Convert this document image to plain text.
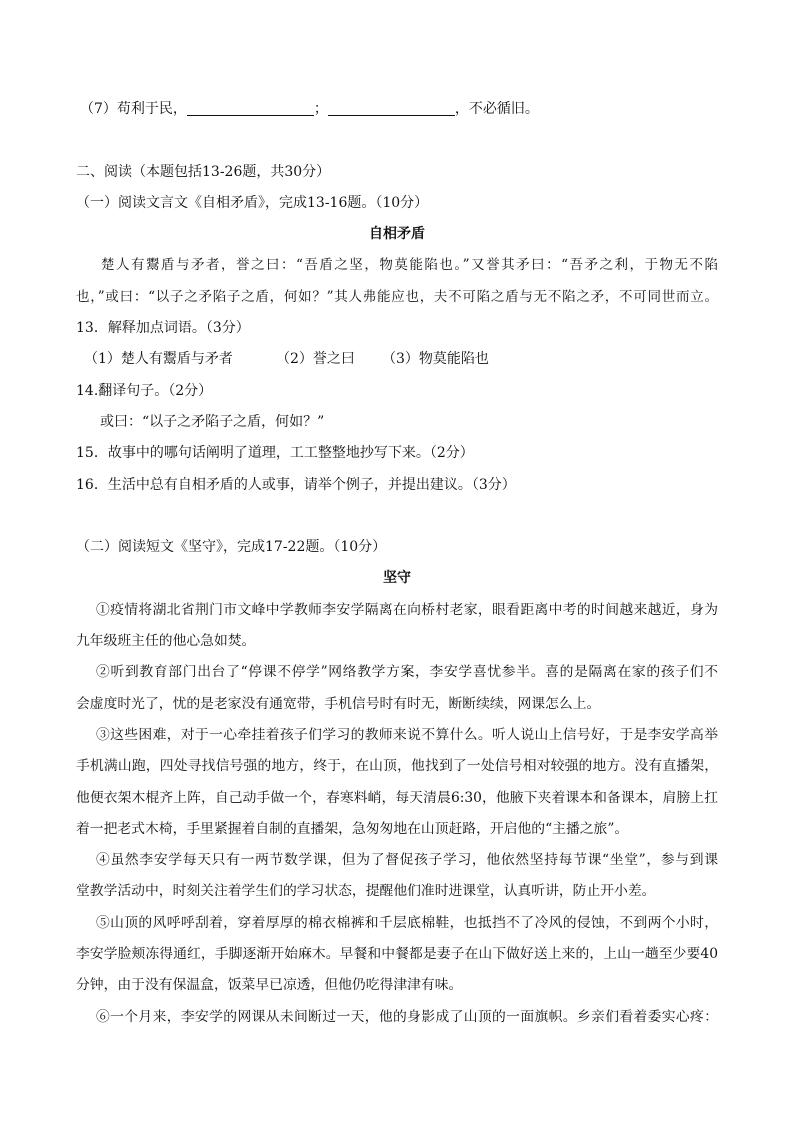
（7）苟利于民，	；	，不必循旧。
二、阅读（本题包括13-26题，共30分）
（一）阅读文言文《自相矛盾》，完成13-16题。（10分）
自相矛盾
楚人有鬻盾与矛者，誉之曰：“吾盾之坚，物莫能陷也。”又誉其矛曰：“吾矛之利，于物无不陷
也，”或曰：“以子之矛陷子之盾，何如？”其人弗能应也，夫不可陷之盾与无不陷之矛，不可同世而立。
13．解释加点词语。（3分）
（1）楚人有鬻盾与矛者	（2）誉之曰 （3）物莫能陷也
14.翻译句子。（2分）
或曰：“以子之矛陷子之盾，何如？”
15．故事中的哪句话阐明了道理，工工整整地抄写下来。（2分）
16．生活中总有自相矛盾的人或事，请举个例子，并提出建议。（3分）
（二）阅读短文《坚守》，完成17-22题。（10分）
坚守
①疫情将湖北省荆门市文峰中学教师李安学隔离在向桥村老家，眼看距离中考的时间越来越近，身为
九年级班主任的他心急如焚。
②听到教育部门出台了“停课不停学”网络教学方案，李安学喜忧参半。喜的是隔离在家的孩子们不
会虚度时光了，忧的是老家没有通宽带，手机信号时有时无，断断续续，网课怎么上。
③这些困难，对于一心牵挂着孩子们学习的教师来说不算什么。听人说山上信号好，于是李安学高举
手机满山跑，四处寻找信号强的地方，终于，在山顶，他找到了一处信号相对较强的地方。没有直播架，
他便衣架木棍齐上阵，自己动手做一个，春寒料峭，每天清晨6:30，他腋下夹着课本和备课本，肩膀上扛
着一把老式木椅，手里紧握着自制的直播架，急匆匆地在山顶赶路，开启他的“主播之旅”。
④虽然李安学每天只有一两节数学课，但为了督促孩子学习，他依然坚持每节课“坐堂”，参与到课
堂教学活动中，时刻关注着学生们的学习状态，提醒他们准时进课堂，认真听讲，防止开小差。
⑤山顶的风呼呼刮着，穿着厚厚的棉衣棉裤和千层底棉鞋，也抵挡不了冷风的侵蚀，不到两个小时，
李安学脸颊冻得通红，手脚逐渐开始麻木。早餐和中餐都是妻子在山下做好送上来的，上山一趟至少要40
分钟，由于没有保温盒，饭菜早已凉透，但他仍吃得津津有味。
⑥一个月来，李安学的网课从未间断过一天，他的身影成了山顶的一面旗帜。乡亲们看着委实心疼：
